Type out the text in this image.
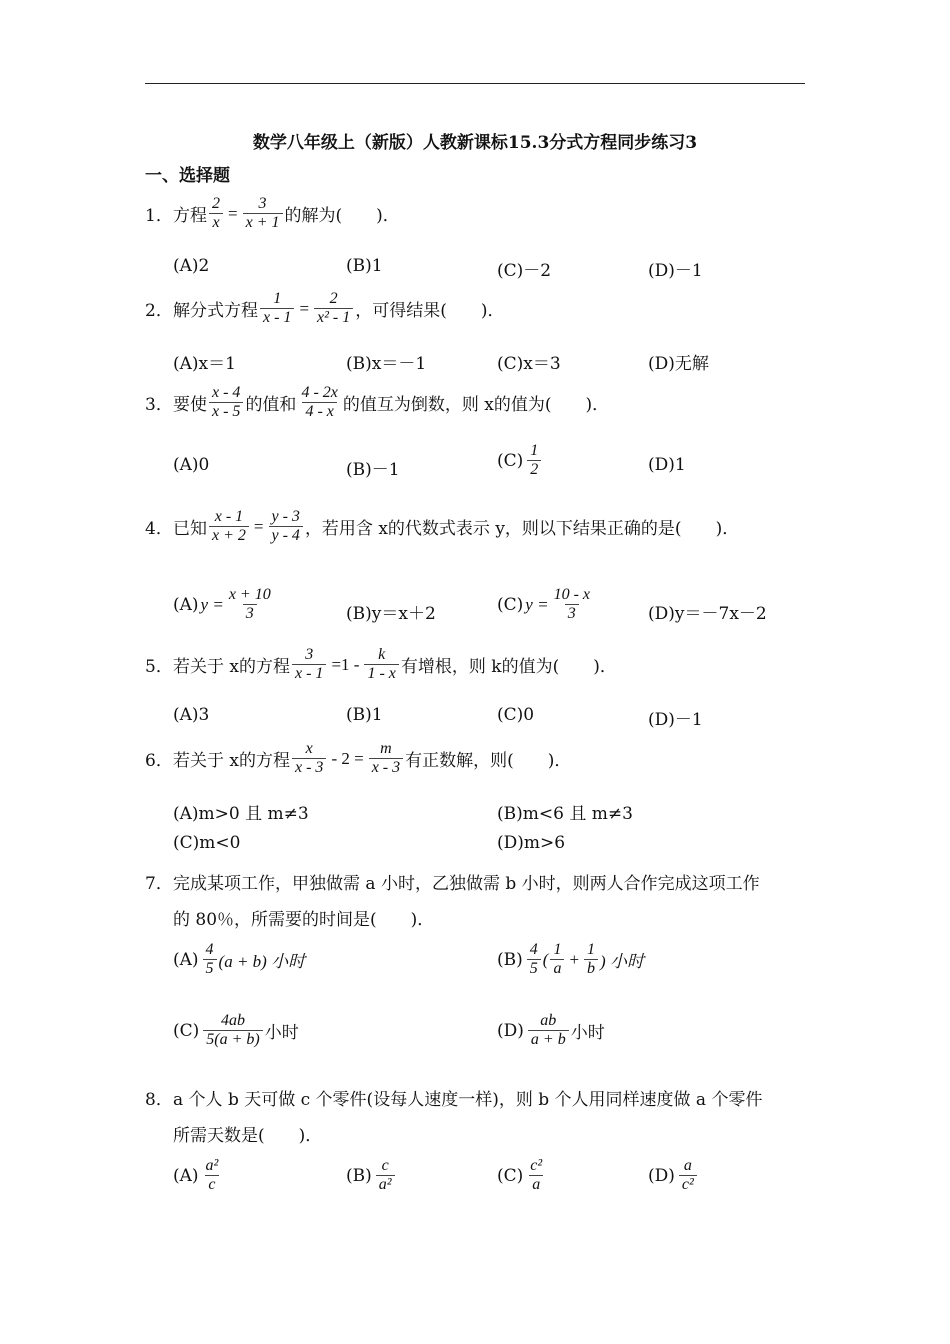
数学八年级上（新版）人教新课标15.3分式方程同步练习3
一、选择题
1． 方程 $\frac{2}{x} = \frac{3}{x + 1}$ 的解为(　　)．
(A)2	(B)1	(C)－2	(D)－1
2． 解分式方程 $\frac{1}{x - 1} = \frac{2}{\text{x² - 1}}$ ，可得结果(　　)．
(A)x＝1	(B)x＝－1	(C)x＝3	(D)无解
3． 要使 $\frac{x - 4}{x - 5}$ 的值和 $\frac{4 - 2x}{4 - x}$ 的值互为倒数，则 x的值为(　　)．
(A)0	(B)－1	$(C) \frac{1}{2}$	(D)1
4． 已知 $\frac{x - 1}{x + 2} = \frac{y - 3}{y - 4}$ ，若用含 x的代数式表示 y，则以下结果正确的是(　　)．
(A) $y = \frac{x + 10}{3}$	(B)y＝x＋2	(C) $y = \frac{10 - x}{3}$	(D)y＝－7x－2
5． 若关于 x的方程 $\frac{3}{x - 1} =1 - \frac{k}{1 - x}$ 有增根，则 k的值为(　　)．
(A)3	(B)1	(C)0	(D)－1
6． 若关于 x的方程 $\frac{x}{x - 3} - 2 = \frac{m}{x - 3}$ 有正数解，则(　　)．
(A)m>0 且 m≠3	(B)m<6 且 m≠3
(C)m<0	(D)m>6
7． 完成某项工作，甲独做需 a 小时，乙独做需 b 小时，则两人合作完成这项工作
的 80％，所需要的时间是(　　)．
$(A) \frac{4}{5} (a + b)$ 小时	$(B) \frac{4}{5}$ ( $\frac{1}{a} + \frac{1}{b}$ ) 小时
$(C) \frac{4ab}{5(a + b)}$ 小时	$(D) \frac{ab}{a + b}$ 小时
8． a 个人 b 天可做 c 个零件(设每人速度一样)，则 b 个人用同样速度做 a 个零件
所需天数是(　　)．
$(A) \frac{\text{a²}}{c}$	$(B) \frac{c}{\text{a²}}$	$(C) \frac{\text{c²}}{a}$	$(D) \frac{a}{\text{c²}}$
